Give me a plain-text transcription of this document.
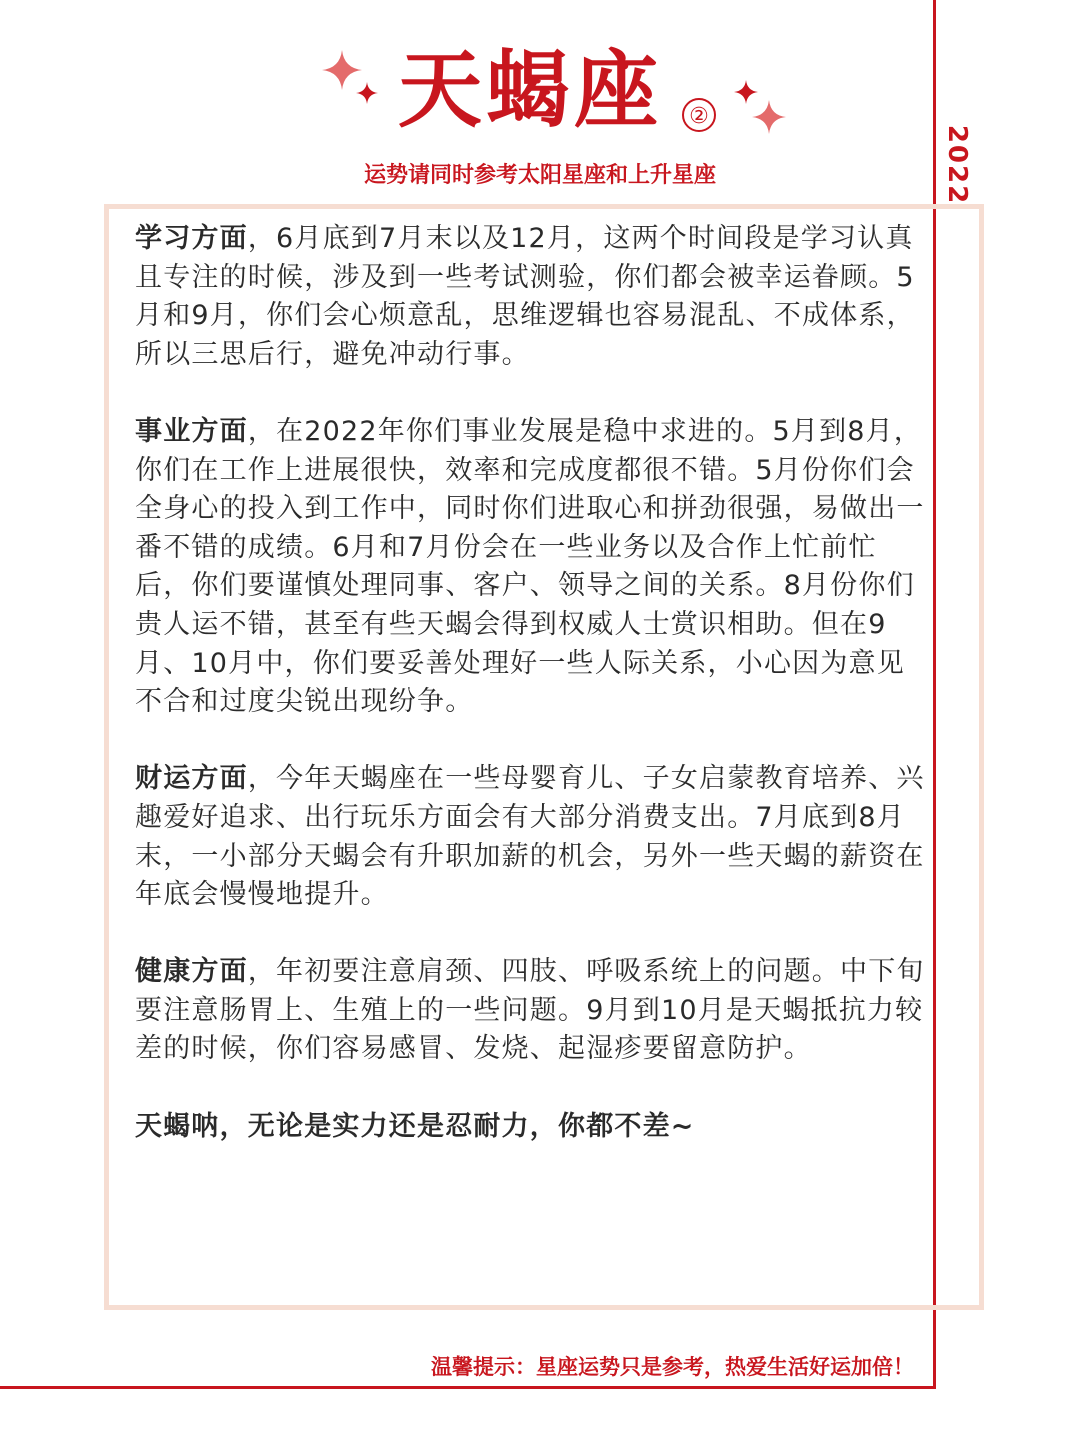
2022
天蝎座	②
运势请同时参考太阳星座和上升星座

学习方面，6月底到7月末以及12月，这两个时间段是学习认真且专注的时候，涉及到一些考试测验，你们都会被幸运眷顾。5月和9月，你们会心烦意乱，思维逻辑也容易混乱、不成体系，所以三思后行，避免冲动行事。

事业方面，在2022年你们事业发展是稳中求进的。5月到8月，你们在工作上进展很快，效率和完成度都很不错。5月份你们会全身心的投入到工作中，同时你们进取心和拼劲很强，易做出一番不错的成绩。6月和7月份会在一些业务以及合作上忙前忙后，你们要谨慎处理同事、客户、领导之间的关系。8月份你们贵人运不错，甚至有些天蝎会得到权威人士赏识相助。但在9月、10月中，你们要妥善处理好一些人际关系，小心因为意见不合和过度尖锐出现纷争。

财运方面，今年天蝎座在一些母婴育儿、子女启蒙教育培养、兴趣爱好追求、出行玩乐方面会有大部分消费支出。7月底到8月末，一小部分天蝎会有升职加薪的机会，另外一些天蝎的薪资在年底会慢慢地提升。

健康方面，年初要注意肩颈、四肢、呼吸系统上的问题。中下旬要注意肠胃上、生殖上的一些问题。9月到10月是天蝎抵抗力较差的时候，你们容易感冒、发烧、起湿疹要留意防护。

天蝎呐，无论是实力还是忍耐力，你都不差~

温馨提示：星座运势只是参考，热爱生活好运加倍！
